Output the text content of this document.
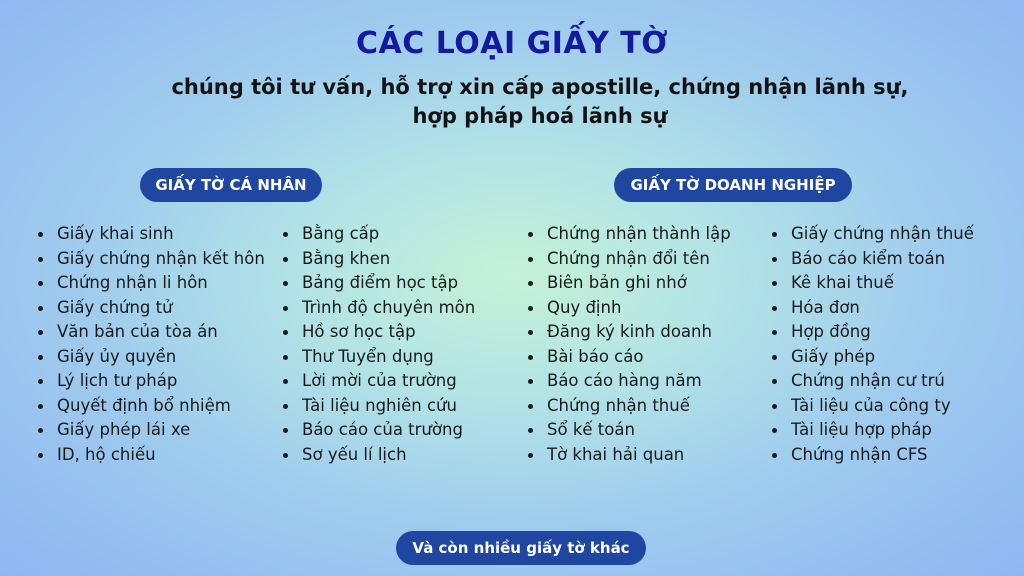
CÁC LOẠI GIẤY TỜ
chúng tôi tư vấn, hỗ trợ xin cấp apostille, chứng nhận lãnh sự,
hợp pháp hoá lãnh sự
GIẤY TỜ CÁ NHÂN	GIẤY TỜ DOANH NGHIỆP
Giấy khai sinh
Giấy chứng nhận kết hôn
Chứng nhận li hôn
Giấy chứng tử
Văn bản của tòa án
Giấy ủy quyền
Lý lịch tư pháp
Quyết định bổ nhiệm
Giấy phép lái xe
ID, hộ chiếu
Bằng cấp
Bằng khen
Bảng điểm học tập
Trình độ chuyên môn
Hồ sơ học tập
Thư Tuyển dụng
Lời mời của trường
Tài liệu nghiên cứu
Báo cáo của trường
Sơ yếu lí lịch
Chứng nhận thành lập
Chứng nhận đổi tên
Biên bản ghi nhớ
Quy định
Đăng ký kinh doanh
Bài báo cáo
Báo cáo hàng năm
Chứng nhận thuế
Sổ kế toán
Tờ khai hải quan
Giấy chứng nhận thuế
Báo cáo kiểm toán
Kê khai thuế
Hóa đơn
Hợp đồng
Giấy phép
Chứng nhận cư trú
Tài liệu của công ty
Tài liệu hợp pháp
Chứng nhận CFS
Và còn nhiều giấy tờ khác
